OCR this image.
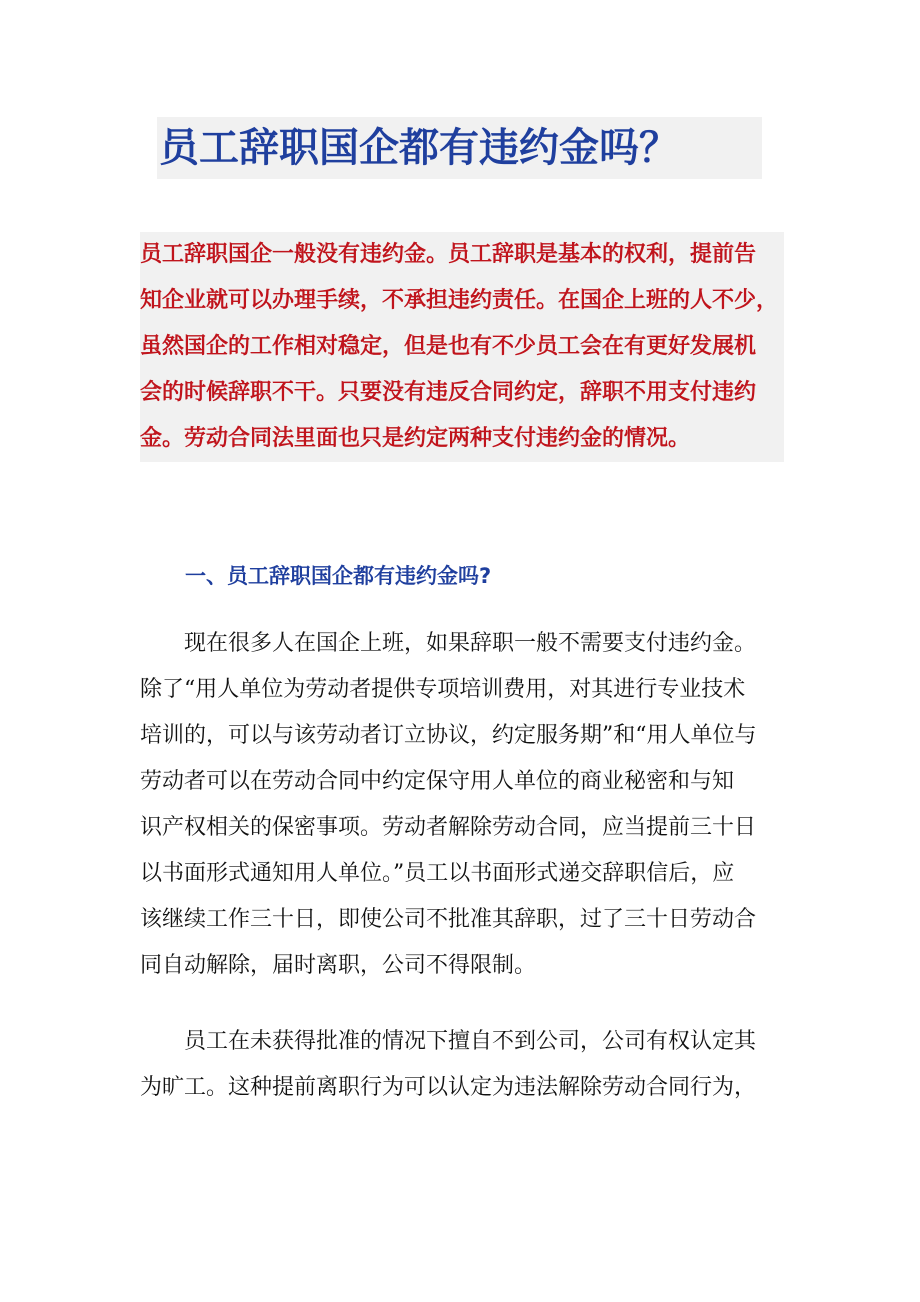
员工辞职国企都有违约金吗？
员工辞职国企一般没有违约金。员工辞职是基本的权利，提前告
知企业就可以办理手续，不承担违约责任。在国企上班的人不少，
虽然国企的工作相对稳定，但是也有不少员工会在有更好发展机
会的时候辞职不干。只要没有违反合同约定，辞职不用支付违约
金。劳动合同法里面也只是约定两种支付违约金的情况。
一、员工辞职国企都有违约金吗?
现在很多人在国企上班，如果辞职一般不需要支付违约金。
除了“用人单位为劳动者提供专项培训费用，对其进行专业技术
培训的，可以与该劳动者订立协议，约定服务期”和“用人单位与
劳动者可以在劳动合同中约定保守用人单位的商业秘密和与知
识产权相关的保密事项。劳动者解除劳动合同，应当提前三十日
以书面形式通知用人单位。”员工以书面形式递交辞职信后，应
该继续工作三十日，即使公司不批准其辞职，过了三十日劳动合
同自动解除，届时离职，公司不得限制。
员工在未获得批准的情况下擅自不到公司，公司有权认定其
为旷工。这种提前离职行为可以认定为违法解除劳动合同行为，
